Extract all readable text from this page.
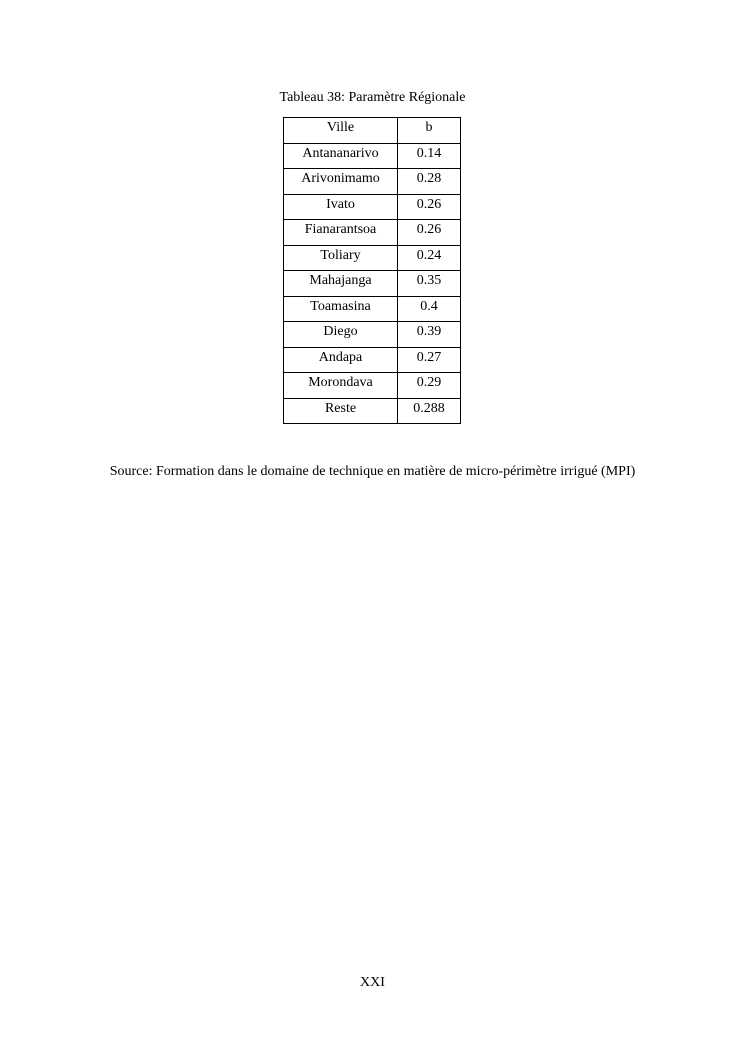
Tableau 38: Paramètre Régionale
Ville	b
Antananarivo	0.14
Arivonimamo	0.28
Ivato	0.26
Fianarantsoa	0.26
Toliary	0.24
Mahajanga	0.35
Toamasina	0.4
Diego	0.39
Andapa	0.27
Morondava	0.29
Reste	0.288
Source: Formation dans le domaine de technique en matière de micro-périmètre irrigué (MPI)
XXI
